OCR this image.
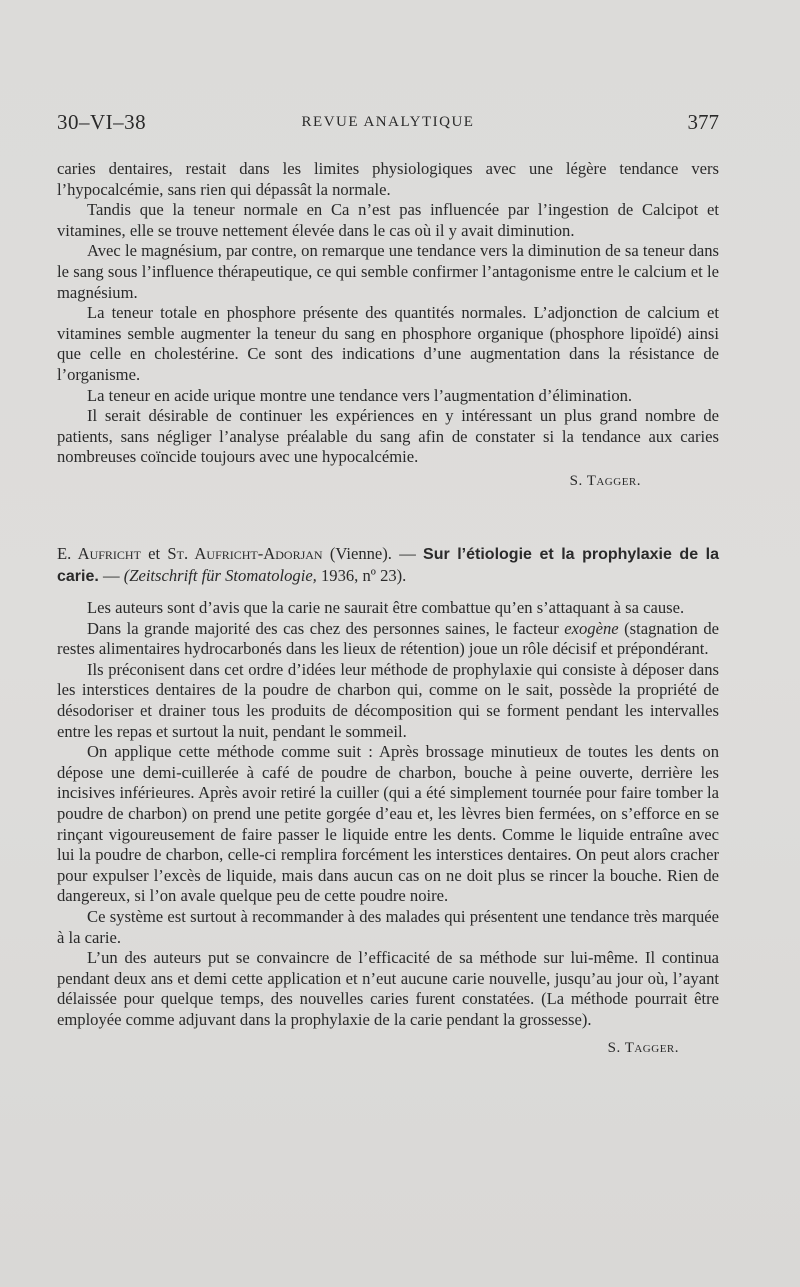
30–VI–38	REVUE ANALYTIQUE	377

caries dentaires, restait dans les limites physiologiques avec une légère tendance vers l’hypocalcémie, sans rien qui dépassât la normale.

Tandis que la teneur normale en Ca n’est pas influencée par l’ingestion de Calcipot et vitamines, elle se trouve nettement élevée dans le cas où il y avait diminution.

Avec le magnésium, par contre, on remarque une tendance vers la diminution de sa teneur dans le sang sous l’influence thérapeutique, ce qui semble confirmer l’antagonisme entre le calcium et le magnésium.

La teneur totale en phosphore présente des quantités normales. L’adjonction de calcium et vitamines semble augmenter la teneur du sang en phosphore organique (phosphore lipoïdé) ainsi que celle en cholestérine. Ce sont des indications d’une augmentation dans la résistance de l’organisme.

La teneur en acide urique montre une tendance vers l’augmentation d’élimination.

Il serait désirable de continuer les expériences en y intéressant un plus grand nombre de patients, sans négliger l’analyse préalable du sang afin de constater si la tendance aux caries nombreuses coïncide toujours avec une hypocalcémie.

S. Tagger.
E. Aufricht et St. Aufricht-Adorjan (Vienne). — Sur l’étiologie et la prophylaxie de la carie. — (Zeitschrift für Stomatologie, 1936, nº 23).

Les auteurs sont d’avis que la carie ne saurait être combattue qu’en s’attaquant à sa cause.

Dans la grande majorité des cas chez des personnes saines, le facteur exogène (stagnation de restes alimentaires hydrocarbonés dans les lieux de rétention) joue un rôle décisif et prépondérant.

Ils préconisent dans cet ordre d’idées leur méthode de prophylaxie qui consiste à déposer dans les interstices dentaires de la poudre de charbon qui, comme on le sait, possède la propriété de désodoriser et drainer tous les produits de décomposition qui se forment pendant les intervalles entre les repas et surtout la nuit, pendant le sommeil.

On applique cette méthode comme suit : Après brossage minutieux de toutes les dents on dépose une demi-cuillerée à café de poudre de charbon, bouche à peine ouverte, derrière les incisives inférieures. Après avoir retiré la cuiller (qui a été simplement tournée pour faire tomber la poudre de charbon) on prend une petite gorgée d’eau et, les lèvres bien fermées, on s’efforce en se rinçant vigoureusement de faire passer le liquide entre les dents. Comme le liquide entraîne avec lui la poudre de charbon, celle-ci remplira forcément les interstices dentaires. On peut alors cracher pour expulser l’excès de liquide, mais dans aucun cas on ne doit plus se rincer la bouche. Rien de dangereux, si l’on avale quelque peu de cette poudre noire.

Ce système est surtout à recommander à des malades qui présentent une tendance très marquée à la carie.

L’un des auteurs put se convaincre de l’efficacité de sa méthode sur lui-même. Il continua pendant deux ans et demi cette application et n’eut aucune carie nouvelle, jusqu’au jour où, l’ayant délaissée pour quelque temps, des nouvelles caries furent constatées. (La méthode pourrait être employée comme adjuvant dans la prophylaxie de la carie pendant la grossesse).

S. Tagger.
